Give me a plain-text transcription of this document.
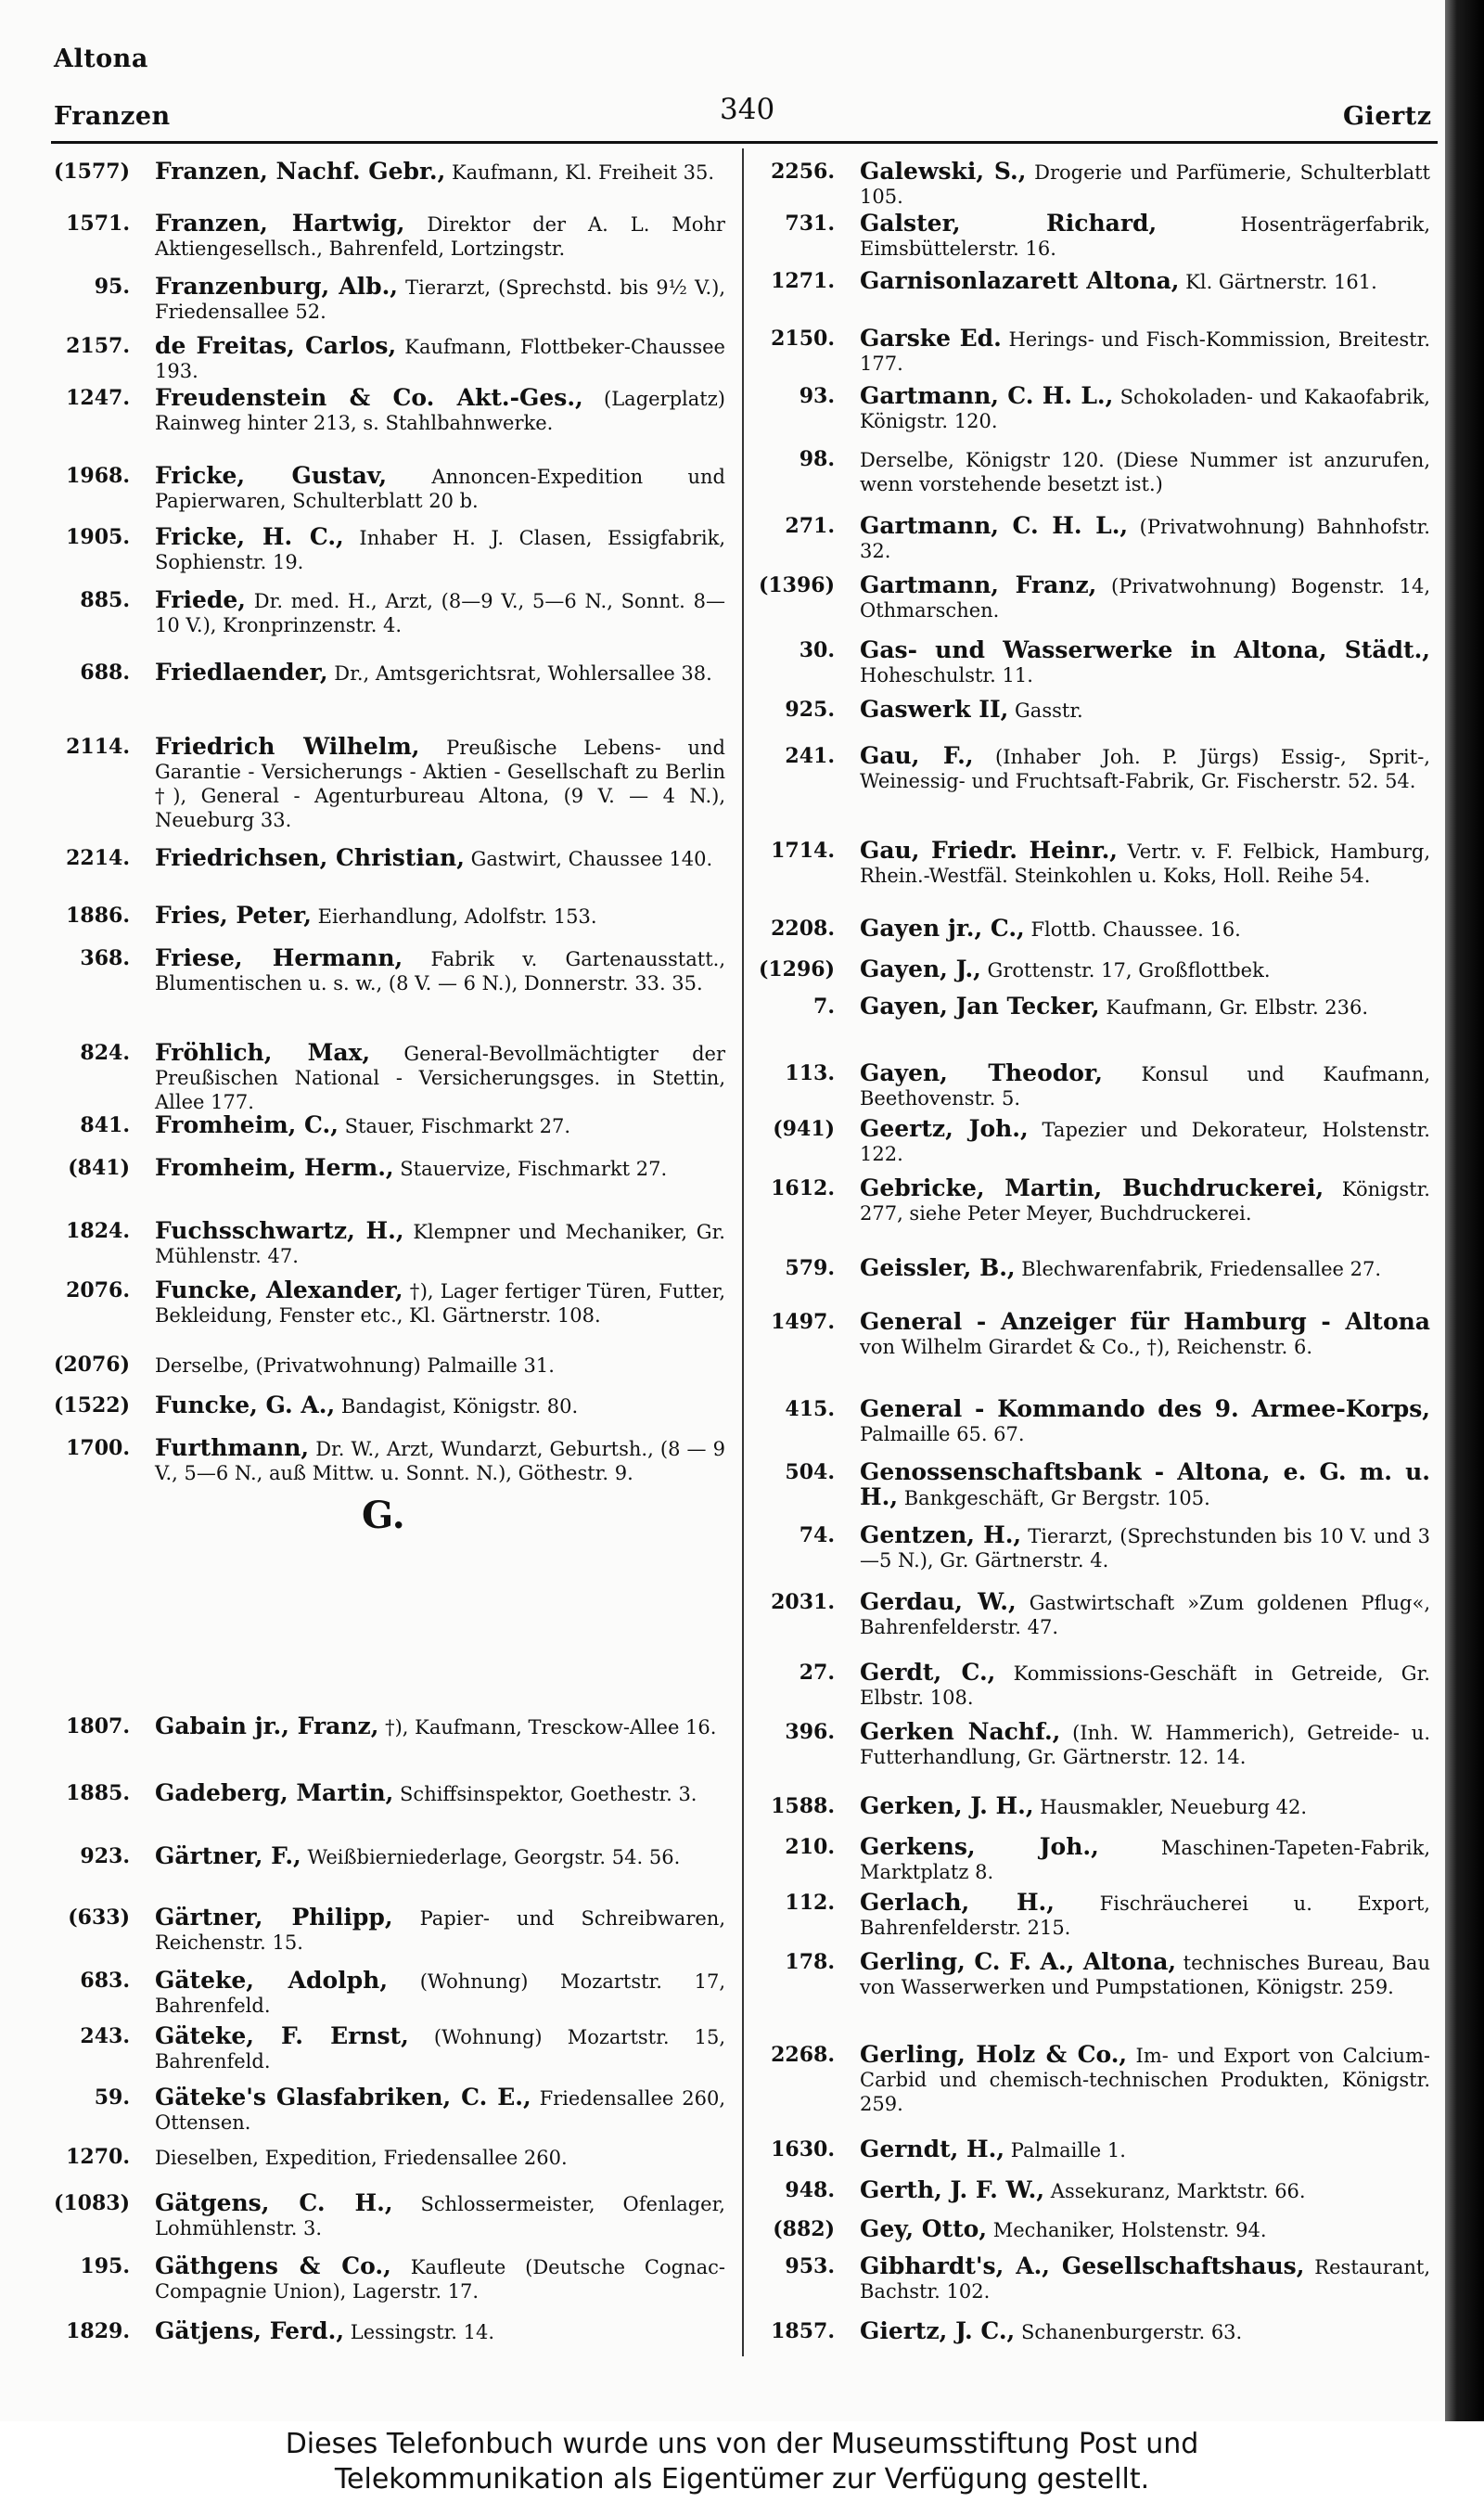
Altona
Franzen	340	Giertz
(1577) Franzen, Nachf. Gebr., Kaufmann, Kl. Freiheit 35.
1571. Franzen, Hartwig, Direktor der A. L. Mohr Aktiengesellsch., Bahrenfeld, Lortzingstr.
95. Franzenburg, Alb., Tierarzt, (Sprechstd. bis 9½ V.), Friedensallee 52.
2157. de Freitas, Carlos, Kaufmann, Flottbeker-Chaussee 193.
1247. Freudenstein & Co. Akt.-Ges., (Lagerplatz) Rainweg hinter 213, s. Stahlbahnwerke.
1968. Fricke, Gustav, Annoncen-Expedition und Papierwaren, Schulterblatt 20 b.
1905. Fricke, H. C., Inhaber H. J. Clasen, Essigfabrik, Sophienstr. 19.
885. Friede, Dr. med. H., Arzt, (8—9 V., 5—6 N., Sonnt. 8—10 V.), Kronprinzenstr. 4.
688. Friedlaender, Dr., Amtsgerichtsrat, Wohlersallee 38.
2114. Friedrich Wilhelm, Preußische Lebens- und Garantie - Versicherungs - Aktien - Gesellschaft zu Berlin †), General - Agenturbureau Altona, (9 V. — 4 N.), Neueburg 33.
2214. Friedrichsen, Christian, Gastwirt, Chaussee 140.
1886. Fries, Peter, Eierhandlung, Adolfstr. 153.
368. Friese, Hermann, Fabrik v. Gartenausstatt., Blumentischen u. s. w., (8 V. — 6 N.), Donnerstr. 33. 35.
824. Fröhlich, Max, General-Bevollmächtigter der Preußischen National - Versicherungsges. in Stettin, Allee 177.
841. Fromheim, C., Stauer, Fischmarkt 27.
(841) Fromheim, Herm., Stauervize, Fischmarkt 27.
1824. Fuchsschwartz, H., Klempner und Mechaniker, Gr. Mühlenstr. 47.
2076. Funcke, Alexander, †), Lager fertiger Türen, Futter, Bekleidung, Fenster etc., Kl. Gärtnerstr. 108.
(2076) Derselbe, (Privatwohnung) Palmaille 31.
(1522) Funcke, G. A., Bandagist, Königstr. 80.
1700. Furthmann, Dr. W., Arzt, Wundarzt, Geburtsh., (8 — 9 V., 5—6 N., auß Mittw. u. Sonnt. N.), Göthestr. 9.
1807. Gabain jr., Franz, †), Kaufmann, Tresckow-Allee 16.
1885. Gadeberg, Martin, Schiffsinspektor, Goethestr. 3.
923. Gärtner, F., Weißbierniederlage, Georgstr. 54. 56.
(633) Gärtner, Philipp, Papier- und Schreibwaren, Reichenstr. 15.
683. Gäteke, Adolph, (Wohnung) Mozartstr. 17, Bahrenfeld.
243. Gäteke, F. Ernst, (Wohnung) Mozartstr. 15, Bahrenfeld.
59. Gäteke's Glasfabriken, C. E., Friedensallee 260, Ottensen.
1270. Dieselben, Expedition, Friedensallee 260.
(1083) Gätgens, C. H., Schlossermeister, Ofenlager, Lohmühlenstr. 3.
195. Gäthgens & Co., Kaufleute (Deutsche Cognac-Compagnie Union), Lagerstr. 17.
1829. Gätjens, Ferd., Lessingstr. 14.
2256. Galewski, S., Drogerie und Parfümerie, Schulterblatt 105.
731. Galster, Richard,	Hosenträgerfabrik, Eimsbüttelerstr. 16.
1271. Garnisonlazarett Altona, Kl. Gärtnerstr. 161.
2150. Garske Ed. Herings- und Fisch-Kommission, Breitestr. 177.
93. Gartmann, C. H. L., Schokoladen- und Kakaofabrik, Königstr. 120.
98. Derselbe, Königstr 120. (Diese Nummer ist anzurufen, wenn vorstehende besetzt ist.)
271. Gartmann, C. H. L., (Privatwohnung) Bahnhofstr. 32.
(1396) Gartmann, Franz, (Privatwohnung) Bogenstr. 14, Othmarschen.
30. Gas- und Wasserwerke in Altona, Städt., Hoheschulstr. 11.
925. Gaswerk II, Gasstr.
241. Gau, F., (Inhaber Joh. P. Jürgs) Essig-, Sprit-, Weinessig- und Fruchtsaft-Fabrik, Gr. Fischerstr. 52. 54.
1714. Gau, Friedr. Heinr., Vertr. v. F. Felbick, Hamburg, Rhein.-Westfäl. Steinkohlen u. Koks, Holl. Reihe 54.
2208. Gayen jr., C., Flottb. Chaussee. 16.
(1296) Gayen, J., Grottenstr. 17, Großflottbek.
7. Gayen, Jan Tecker, Kaufmann, Gr. Elbstr. 236.
113. Gayen, Theodor, Konsul und Kaufmann, Beethovenstr. 5.
(941) Geertz, Joh., Tapezier und Dekorateur, Holstenstr. 122.
1612. Gebricke, Martin, Buchdruckerei, Königstr. 277, siehe Peter Meyer, Buchdruckerei.
579. Geissler, B., Blechwarenfabrik, Friedensallee 27.
1497. General - Anzeiger für Hamburg - Altona von Wilhelm Girardet & Co., †), Reichenstr. 6.
415. General - Kommando des 9. Armee-Korps, Palmaille 65. 67.
504. Genossenschaftsbank - Altona, e. G. m. u. H., Bankgeschäft, Gr Bergstr. 105.
74. Gentzen, H., Tierarzt, (Sprechstunden bis 10 V. und 3—5 N.), Gr. Gärtnerstr. 4.
2031. Gerdau, W., Gastwirtschaft »Zum goldenen Pflug«, Bahrenfelderstr. 47.
27. Gerdt, C., Kommissions-Geschäft in Getreide, Gr. Elbstr. 108.
396. Gerken Nachf., (Inh. W. Hammerich), Getreide- u. Futterhandlung, Gr. Gärtnerstr. 12. 14.
1588. Gerken, J. H., Hausmakler, Neueburg 42.
210. Gerkens, Joh.,	Maschinen-Tapeten-Fabrik, Marktplatz 8.
112. Gerlach, H., Fischräucherei u. Export, Bahrenfelderstr. 215.
178. Gerling, C. F. A., Altona, technisches Bureau, Bau von Wasserwerken und Pumpstationen, Königstr. 259.
2268. Gerling, Holz & Co., Im- und Export von Calcium-Carbid und chemisch-technischen Produkten, Königstr. 259.
1630. Gerndt, H., Palmaille 1.
948. Gerth, J. F. W., Assekuranz, Marktstr. 66.
(882) Gey, Otto, Mechaniker, Holstenstr. 94.
953. Gibhardt's, A., Gesellschaftshaus, Restaurant, Bachstr. 102.
1857. Giertz, J. C., Schanenburgerstr. 63.
G.
Dieses Telefonbuch wurde uns von der Museumsstiftung Post und
Telekommunikation als Eigentümer zur Verfügung gestellt.
